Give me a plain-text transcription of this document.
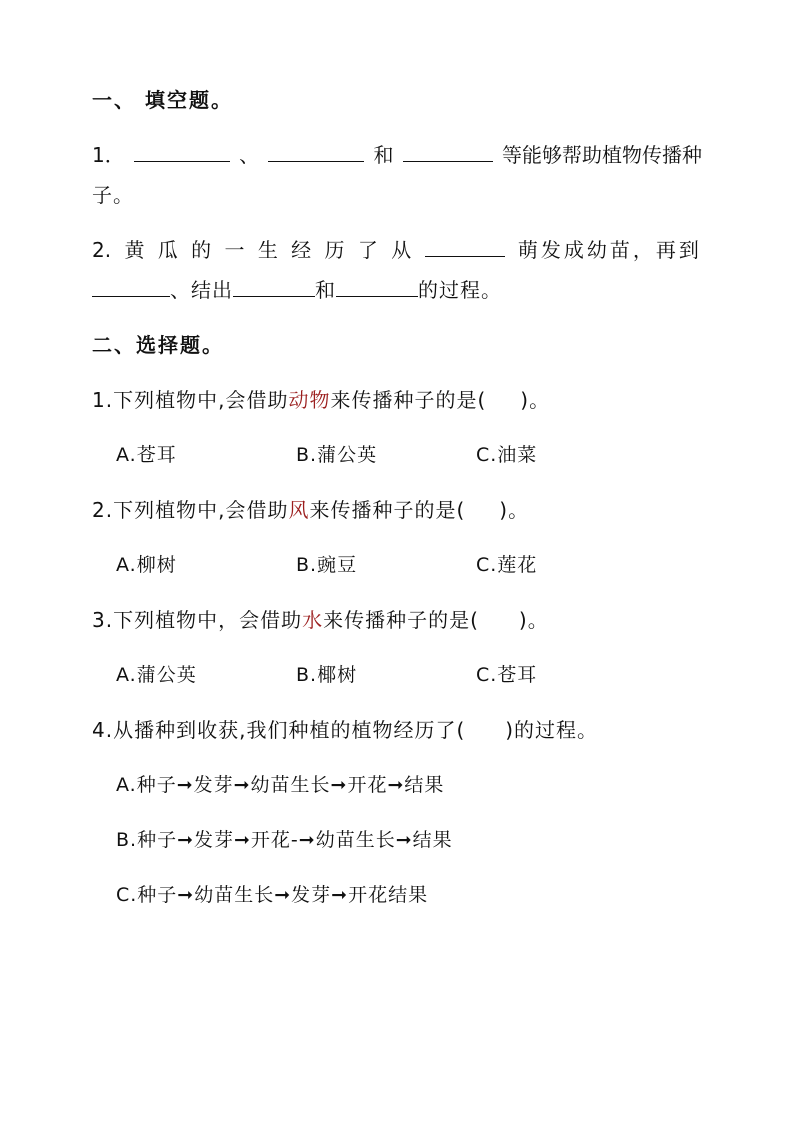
一、 填空题。
1．	、	和	等能够帮助植物传播种
子。
2. 黄 瓜 的 一 生 经 历 了 从	萌发成幼苗，再到
、结出	和	的过程。
二、选择题。
1.下列植物中,会借助动物来传播种子的是( )。
A.苍耳	B.蒲公英	C.油菜
2.下列植物中,会借助风来传播种子的是( )。
A.柳树	B.豌豆	C.莲花
3.下列植物中，会借助水来传播种子的是( )。
A.蒲公英	B.椰树	C.苍耳
4.从播种到收获,我们种植的植物经历了( )的过程。
A.种子➞发芽➞幼苗生长➞开花➞结果
B.种子➞发芽➞开花-➞幼苗生长➞结果
C.种子➞幼苗生长➞发芽➞开花结果
